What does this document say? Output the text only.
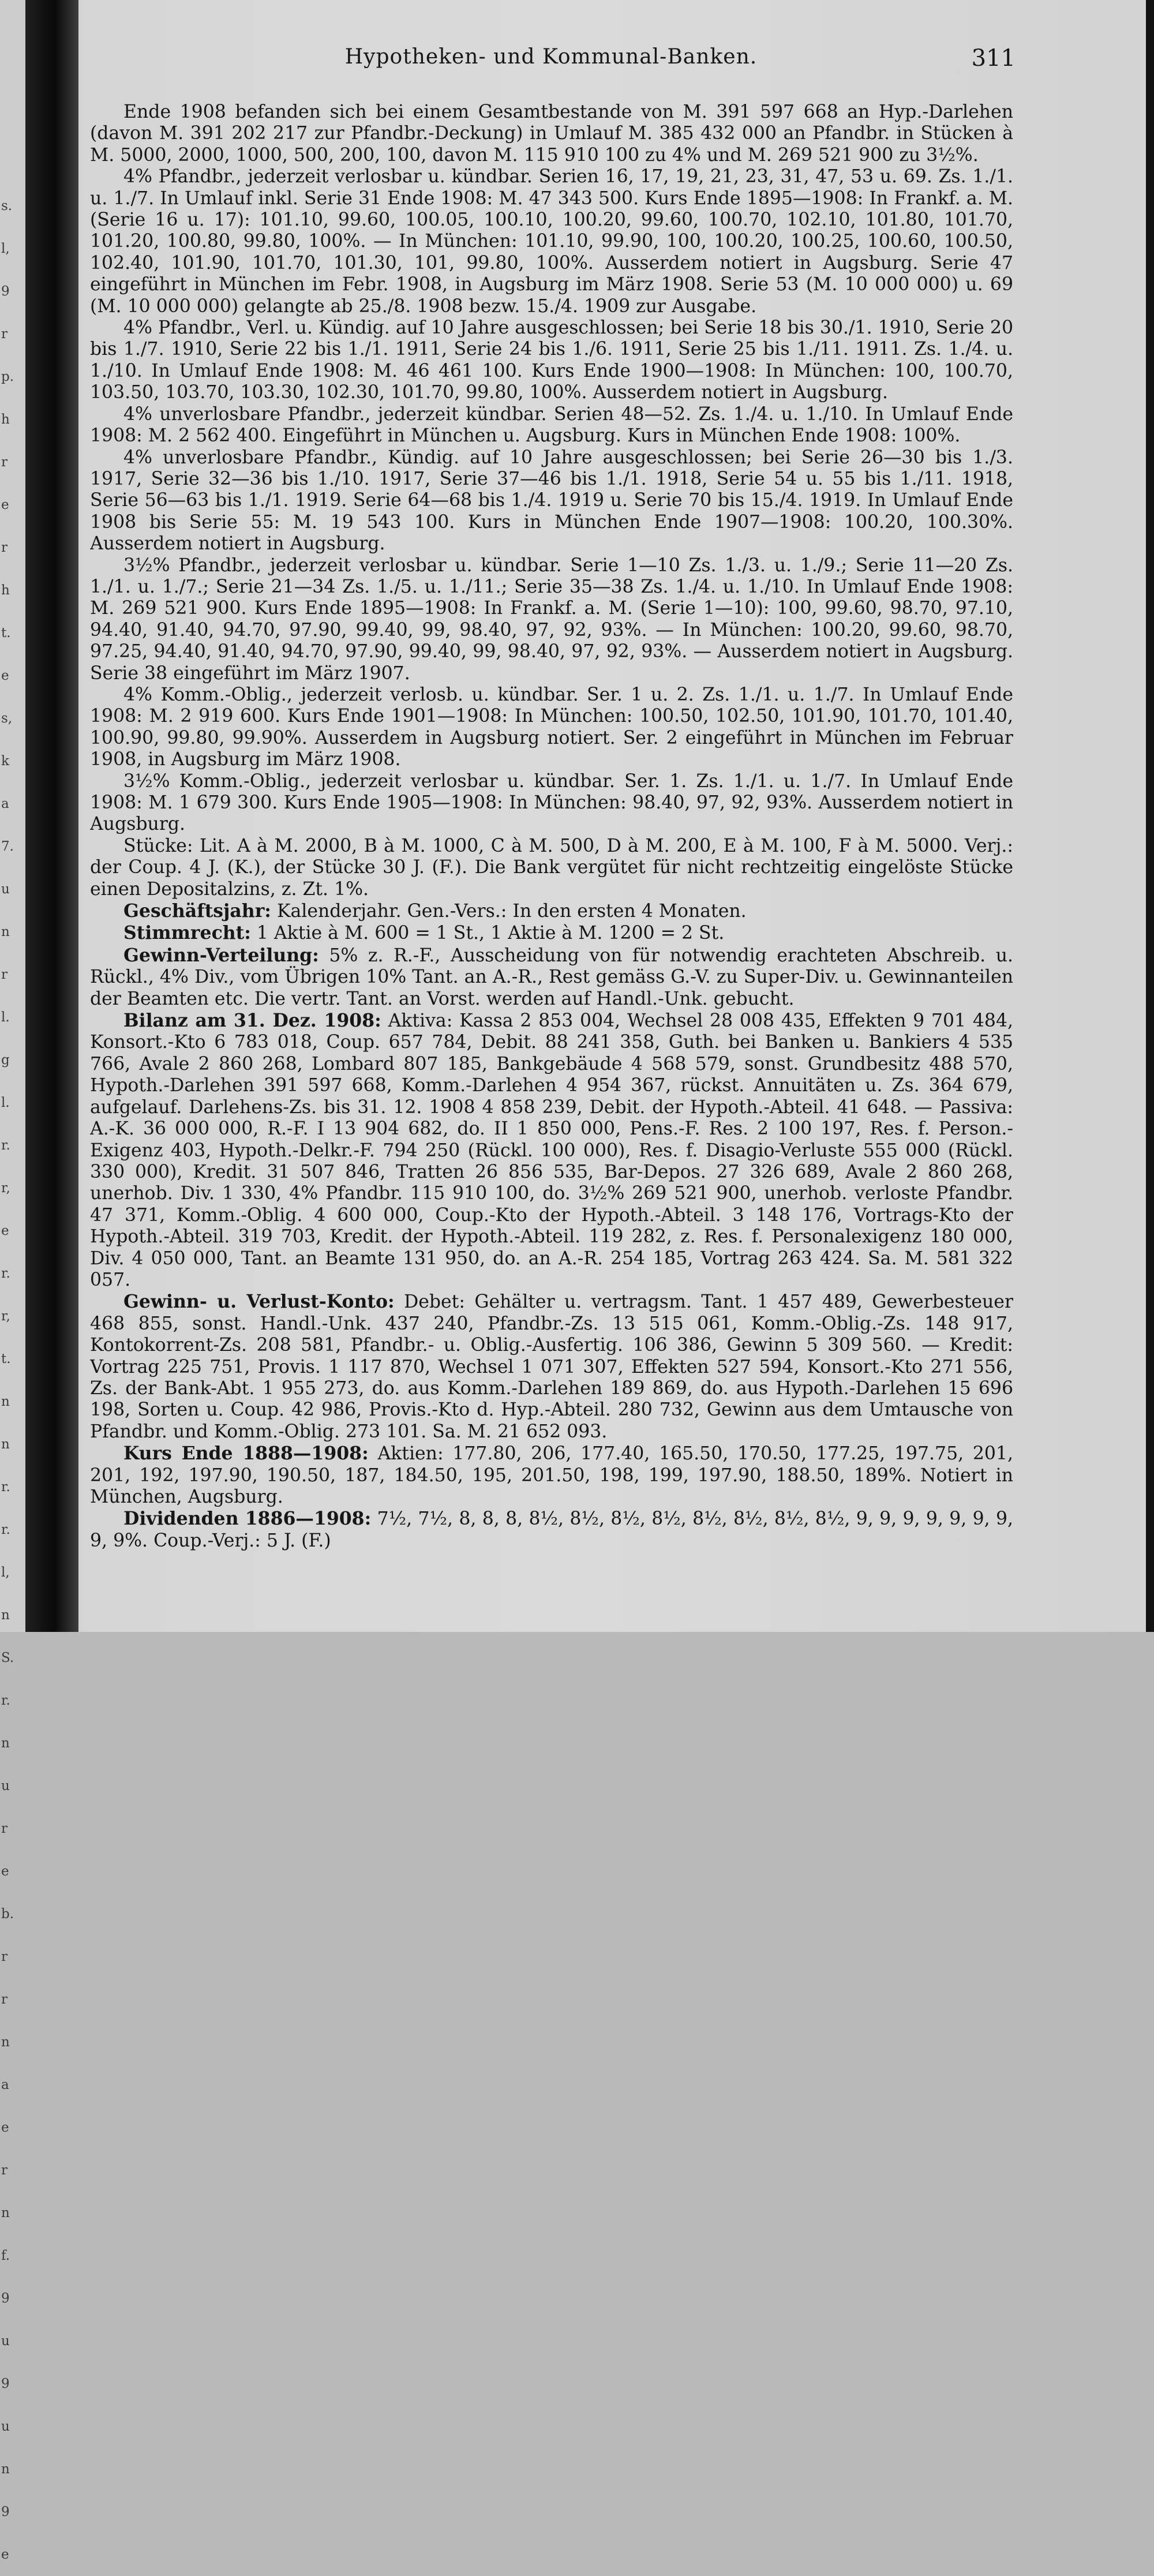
s.
l,
9
r
p.
h
r
e
r
h
t.
e
s,
k
a
7.
u
n
r
l.
g
l.
r.
r,
e
r.
r,
t.
n
n
r.
r.
l,
n
S.
r.
n
u
r
e
b.
r
r
n
a
e
r
n
f.
9
u
9
u
n
9
e
Hypotheken- und Kommunal-Banken.	311

Ende 1908 befanden sich bei einem Gesamtbestande von M. 391 597 668 an Hyp.-Darlehen (davon M. 391 202 217 zur Pfandbr.-Deckung) in Umlauf M. 385 432 000 an Pfandbr. in Stücken à M. 5000, 2000, 1000, 500, 200, 100, davon M. 115 910 100 zu 4% und M. 269 521 900 zu 3½%.

4% Pfandbr., jederzeit verlosbar u. kündbar. Serien 16, 17, 19, 21, 23, 31, 47, 53 u. 69. Zs. 1./1. u. 1./7. In Umlauf inkl. Serie 31 Ende 1908: M. 47 343 500. Kurs Ende 1895—1908: In Frankf. a. M. (Serie 16 u. 17): 101.10, 99.60, 100.05, 100.10, 100.20, 99.60, 100.70, 102.10, 101.80, 101.70, 101.20, 100.80, 99.80, 100%. — In München: 101.10, 99.90, 100, 100.20, 100.25, 100.60, 100.50, 102.40, 101.90, 101.70, 101.30, 101, 99.80, 100%. Ausserdem notiert in Augsburg. Serie 47 eingeführt in München im Febr. 1908, in Augsburg im März 1908. Serie 53 (M. 10 000 000) u. 69 (M. 10 000 000) gelangte ab 25./8. 1908 bezw. 15./4. 1909 zur Ausgabe.

4% Pfandbr., Verl. u. Kündig. auf 10 Jahre ausgeschlossen; bei Serie 18 bis 30./1. 1910, Serie 20 bis 1./7. 1910, Serie 22 bis 1./1. 1911, Serie 24 bis 1./6. 1911, Serie 25 bis 1./11. 1911. Zs. 1./4. u. 1./10. In Umlauf Ende 1908: M. 46 461 100. Kurs Ende 1900—1908: In München: 100, 100.70, 103.50, 103.70, 103.30, 102.30, 101.70, 99.80, 100%. Ausserdem notiert in Augsburg.

4% unverlosbare Pfandbr., jederzeit kündbar. Serien 48—52. Zs. 1./4. u. 1./10. In Umlauf Ende 1908: M. 2 562 400. Eingeführt in München u. Augsburg. Kurs in München Ende 1908: 100%.

4% unverlosbare Pfandbr., Kündig. auf 10 Jahre ausgeschlossen; bei Serie 26—30 bis 1./3. 1917, Serie 32—36 bis 1./10. 1917, Serie 37—46 bis 1./1. 1918, Serie 54 u. 55 bis 1./11. 1918, Serie 56—63 bis 1./1. 1919. Serie 64—68 bis 1./4. 1919 u. Serie 70 bis 15./4. 1919. In Umlauf Ende 1908 bis Serie 55: M. 19 543 100. Kurs in München Ende 1907—1908: 100.20, 100.30%. Ausserdem notiert in Augsburg.

3½% Pfandbr., jederzeit verlosbar u. kündbar. Serie 1—10 Zs. 1./3. u. 1./9.; Serie 11—20 Zs. 1./1. u. 1./7.; Serie 21—34 Zs. 1./5. u. 1./11.; Serie 35—38 Zs. 1./4. u. 1./10. In Umlauf Ende 1908: M. 269 521 900. Kurs Ende 1895—1908: In Frankf. a. M. (Serie 1—10): 100, 99.60, 98.70, 97.10, 94.40, 91.40, 94.70, 97.90, 99.40, 99, 98.40, 97, 92, 93%. — In München: 100.20, 99.60, 98.70, 97.25, 94.40, 91.40, 94.70, 97.90, 99.40, 99, 98.40, 97, 92, 93%. — Ausserdem notiert in Augsburg. Serie 38 eingeführt im März 1907.

4% Komm.-Oblig., jederzeit verlosb. u. kündbar. Ser. 1 u. 2. Zs. 1./1. u. 1./7. In Umlauf Ende 1908: M. 2 919 600. Kurs Ende 1901—1908: In München: 100.50, 102.50, 101.90, 101.70, 101.40, 100.90, 99.80, 99.90%. Ausserdem in Augsburg notiert. Ser. 2 eingeführt in München im Februar 1908, in Augsburg im März 1908.

3½% Komm.-Oblig., jederzeit verlosbar u. kündbar. Ser. 1. Zs. 1./1. u. 1./7. In Umlauf Ende 1908: M. 1 679 300. Kurs Ende 1905—1908: In München: 98.40, 97, 92, 93%. Ausserdem notiert in Augsburg.

Stücke: Lit. A à M. 2000, B à M. 1000, C à M. 500, D à M. 200, E à M. 100, F à M. 5000. Verj.: der Coup. 4 J. (K.), der Stücke 30 J. (F.). Die Bank vergütet für nicht rechtzeitig eingelöste Stücke einen Depositalzins, z. Zt. 1%.

Geschäftsjahr: Kalenderjahr. Gen.-Vers.: In den ersten 4 Monaten.

Stimmrecht: 1 Aktie à M. 600 = 1 St., 1 Aktie à M. 1200 = 2 St.

Gewinn-Verteilung: 5% z. R.-F., Ausscheidung von für notwendig erachteten Abschreib. u. Rückl., 4% Div., vom Übrigen 10% Tant. an A.-R., Rest gemäss G.-V. zu Super-Div. u. Gewinnanteilen der Beamten etc. Die vertr. Tant. an Vorst. werden auf Handl.-Unk. gebucht.

Bilanz am 31. Dez. 1908: Aktiva: Kassa 2 853 004, Wechsel 28 008 435, Effekten 9 701 484, Konsort.-Kto 6 783 018, Coup. 657 784, Debit. 88 241 358, Guth. bei Banken u. Bankiers 4 535 766, Avale 2 860 268, Lombard 807 185, Bankgebäude 4 568 579, sonst. Grundbesitz 488 570, Hypoth.-Darlehen 391 597 668, Komm.-Darlehen 4 954 367, rückst. Annuitäten u. Zs. 364 679, aufgelauf. Darlehens-Zs. bis 31. 12. 1908 4 858 239, Debit. der Hypoth.-Abteil. 41 648. — Passiva: A.-K. 36 000 000, R.-F. I 13 904 682, do. II 1 850 000, Pens.-F. Res. 2 100 197, Res. f. Person.-Exigenz 403, Hypoth.-Delkr.-F. 794 250 (Rückl. 100 000), Res. f. Disagio-Verluste 555 000 (Rückl. 330 000), Kredit. 31 507 846, Tratten 26 856 535, Bar-Depos. 27 326 689, Avale 2 860 268, unerhob. Div. 1 330, 4% Pfandbr. 115 910 100, do. 3½% 269 521 900, unerhob. verloste Pfandbr. 47 371, Komm.-Oblig. 4 600 000, Coup.-Kto der Hypoth.-Abteil. 3 148 176, Vortrags-Kto der Hypoth.-Abteil. 319 703, Kredit. der Hypoth.-Abteil. 119 282, z. Res. f. Personalexigenz 180 000, Div. 4 050 000, Tant. an Beamte 131 950, do. an A.-R. 254 185, Vortrag 263 424. Sa. M. 581 322 057.

Gewinn- u. Verlust-Konto: Debet: Gehälter u. vertragsm. Tant. 1 457 489, Gewerbesteuer 468 855, sonst. Handl.-Unk. 437 240, Pfandbr.-Zs. 13 515 061, Komm.-Oblig.-Zs. 148 917, Kontokorrent-Zs. 208 581, Pfandbr.- u. Oblig.-Ausfertig. 106 386, Gewinn 5 309 560. — Kredit: Vortrag 225 751, Provis. 1 117 870, Wechsel 1 071 307, Effekten 527 594, Konsort.-Kto 271 556, Zs. der Bank-Abt. 1 955 273, do. aus Komm.-Darlehen 189 869, do. aus Hypoth.-Darlehen 15 696 198, Sorten u. Coup. 42 986, Provis.-Kto d. Hyp.-Abteil. 280 732, Gewinn aus dem Umtausche von Pfandbr. und Komm.-Oblig. 273 101. Sa. M. 21 652 093.

Kurs Ende 1888—1908: Aktien: 177.80, 206, 177.40, 165.50, 170.50, 177.25, 197.75, 201, 201, 192, 197.90, 190.50, 187, 184.50, 195, 201.50, 198, 199, 197.90, 188.50, 189%. Notiert in München, Augsburg.

Dividenden 1886—1908: 7½, 7½, 8, 8, 8, 8½, 8½, 8½, 8½, 8½, 8½, 8½, 8½, 9, 9, 9, 9, 9, 9, 9, 9, 9%. Coup.-Verj.: 5 J. (F.)
